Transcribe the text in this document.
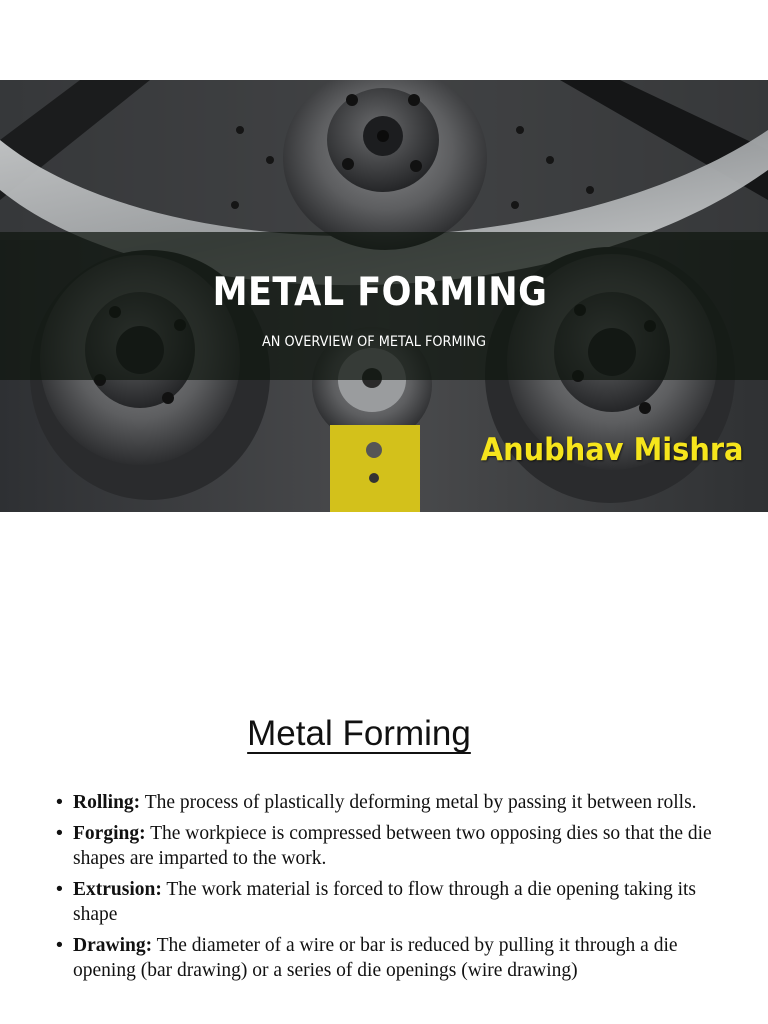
METAL FORMING
AN OVERVIEW OF METAL FORMING
Anubhav Mishra
Metal Forming
• Rolling: The process of plastically deforming metal by passing it between rolls.
• Forging: The workpiece is compressed between two opposing dies so that the die shapes are imparted to the work.
• Extrusion: The work material is forced to flow through a die opening taking its shape
• Drawing: The diameter of a wire or bar is reduced by pulling it through a die opening (bar drawing) or a series of die openings (wire drawing)
